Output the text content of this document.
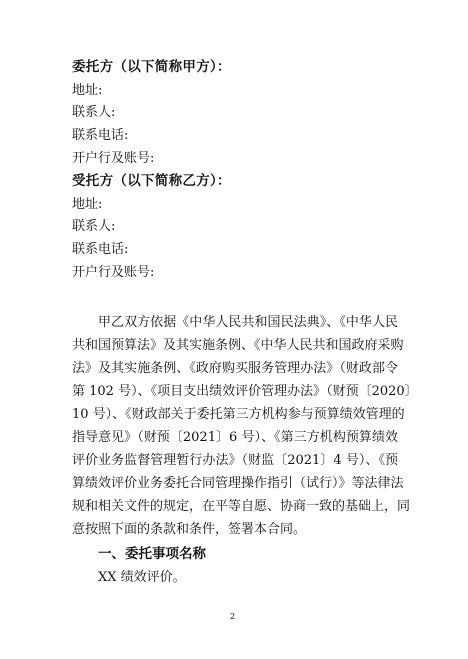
委托方（以下简称甲方）：
地址:
联系人:
联系电话:
开户行及账号:
受托方（以下简称乙方）：
地址:
联系人:
联系电话:
开户行及账号:
甲乙双方依据《中华人民共和国民法典》、《中华人民
共和国预算法》及其实施条例、《中华人民共和国政府采购
法》及其实施条例、《政府购买服务管理办法》（财政部令
第 102 号）、《项目支出绩效评价管理办法》（财预〔2020〕
10 号）、《财政部关于委托第三方机构参与预算绩效管理的
指导意见》（财预〔2021〕6 号）、《第三方机构预算绩效
评价业务监督管理暂行办法》（财监〔2021〕4 号）、《预
算绩效评价业务委托合同管理操作指引（试行）》等法律法
规和相关文件的规定，在平等自愿、协商一致的基础上，同
意按照下面的条款和条件，签署本合同。
一、委托事项名称
XX 绩效评价。
2
